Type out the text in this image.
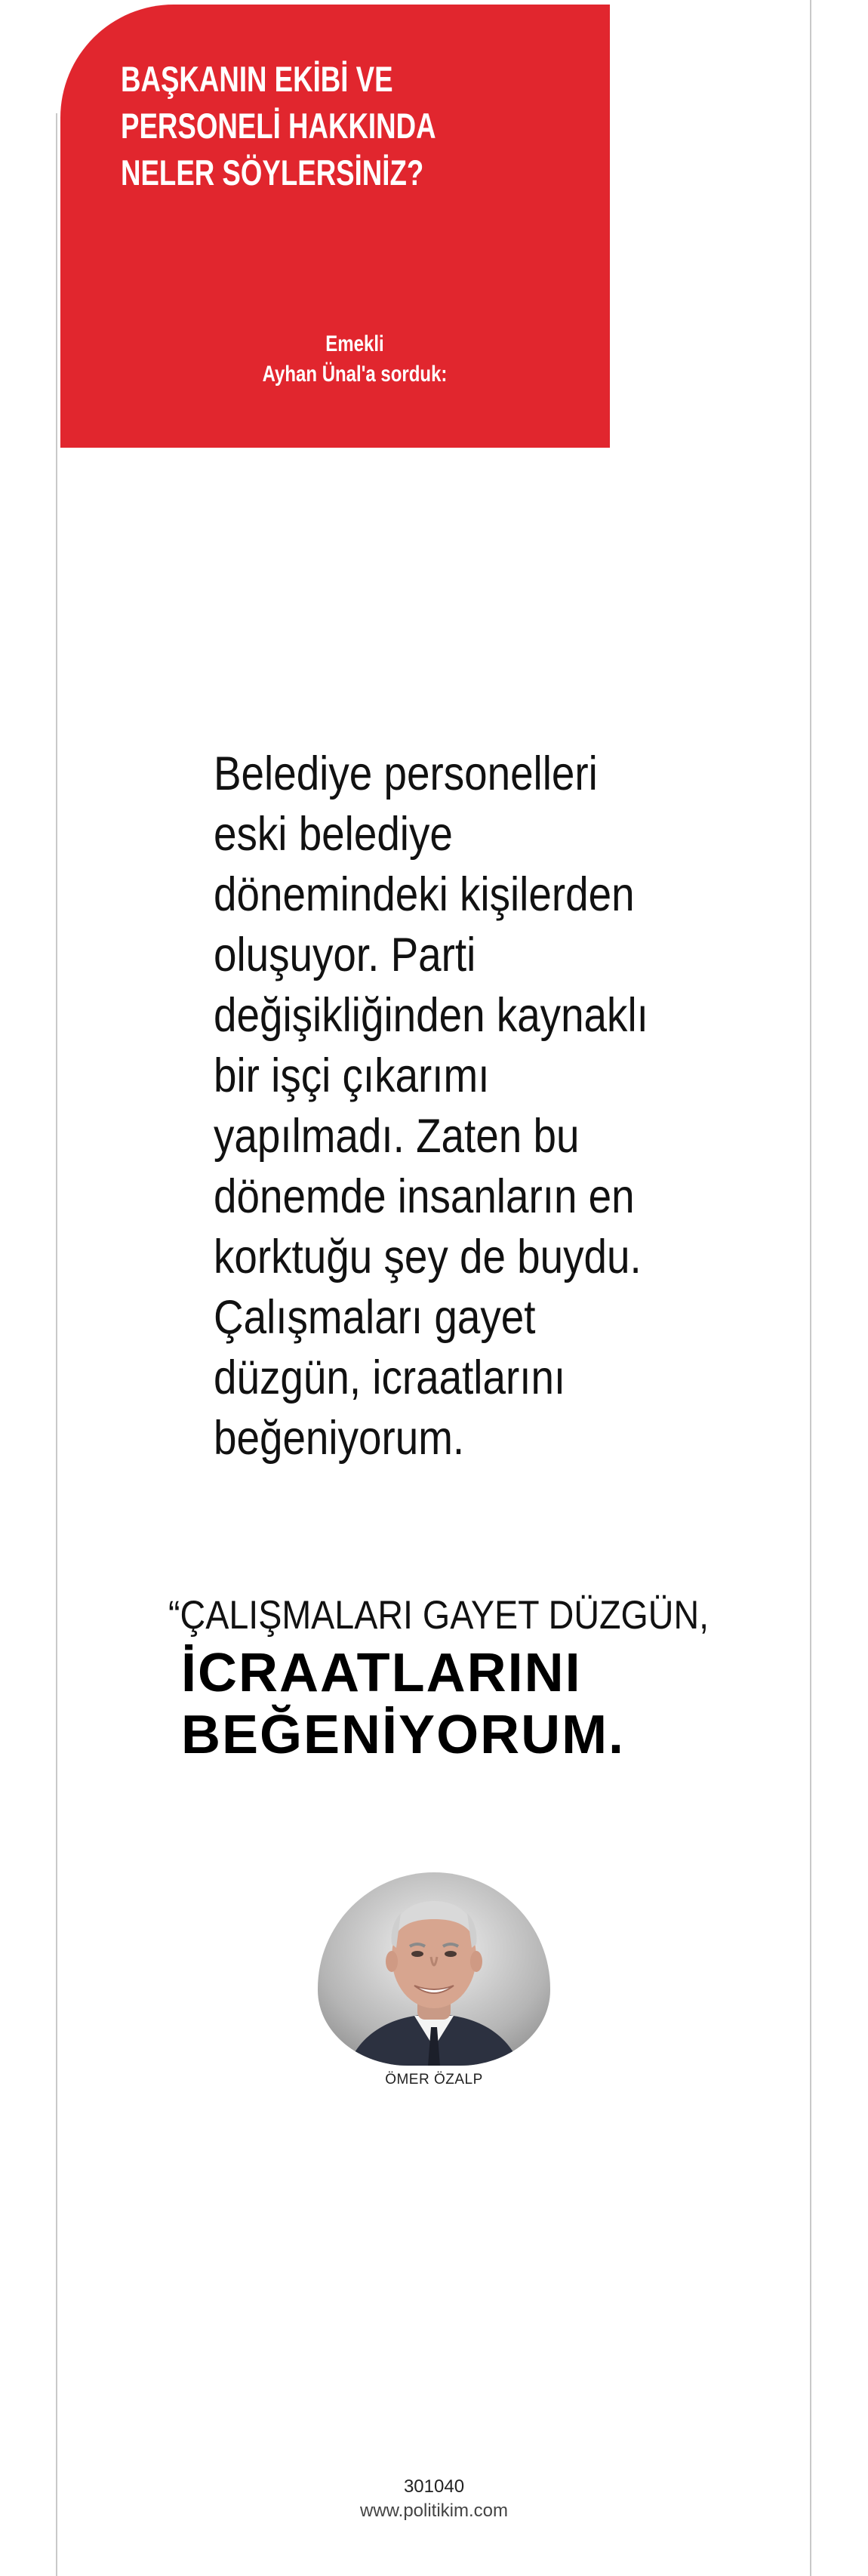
BAŞKANIN EKİBİ VE
PERSONELİ HAKKINDA
NELER SÖYLERSİNİZ?
Emekli
Ayhan Ünal'a sorduk:

Belediye personelleri
eski belediye
dönemindeki kişilerden
oluşuyor. Parti
değişikliğinden kaynaklı
bir işçi çıkarımı
yapılmadı. Zaten bu
dönemde insanların en
korktuğu şey de buydu.
Çalışmaları gayet
düzgün, icraatlarını
beğeniyorum.

“ÇALIŞMALARI GAYET DÜZGÜN,
İCRAATLARINI
BEĞENİYORUM.
ÖMER ÖZALP
301040
www.politikim.com
